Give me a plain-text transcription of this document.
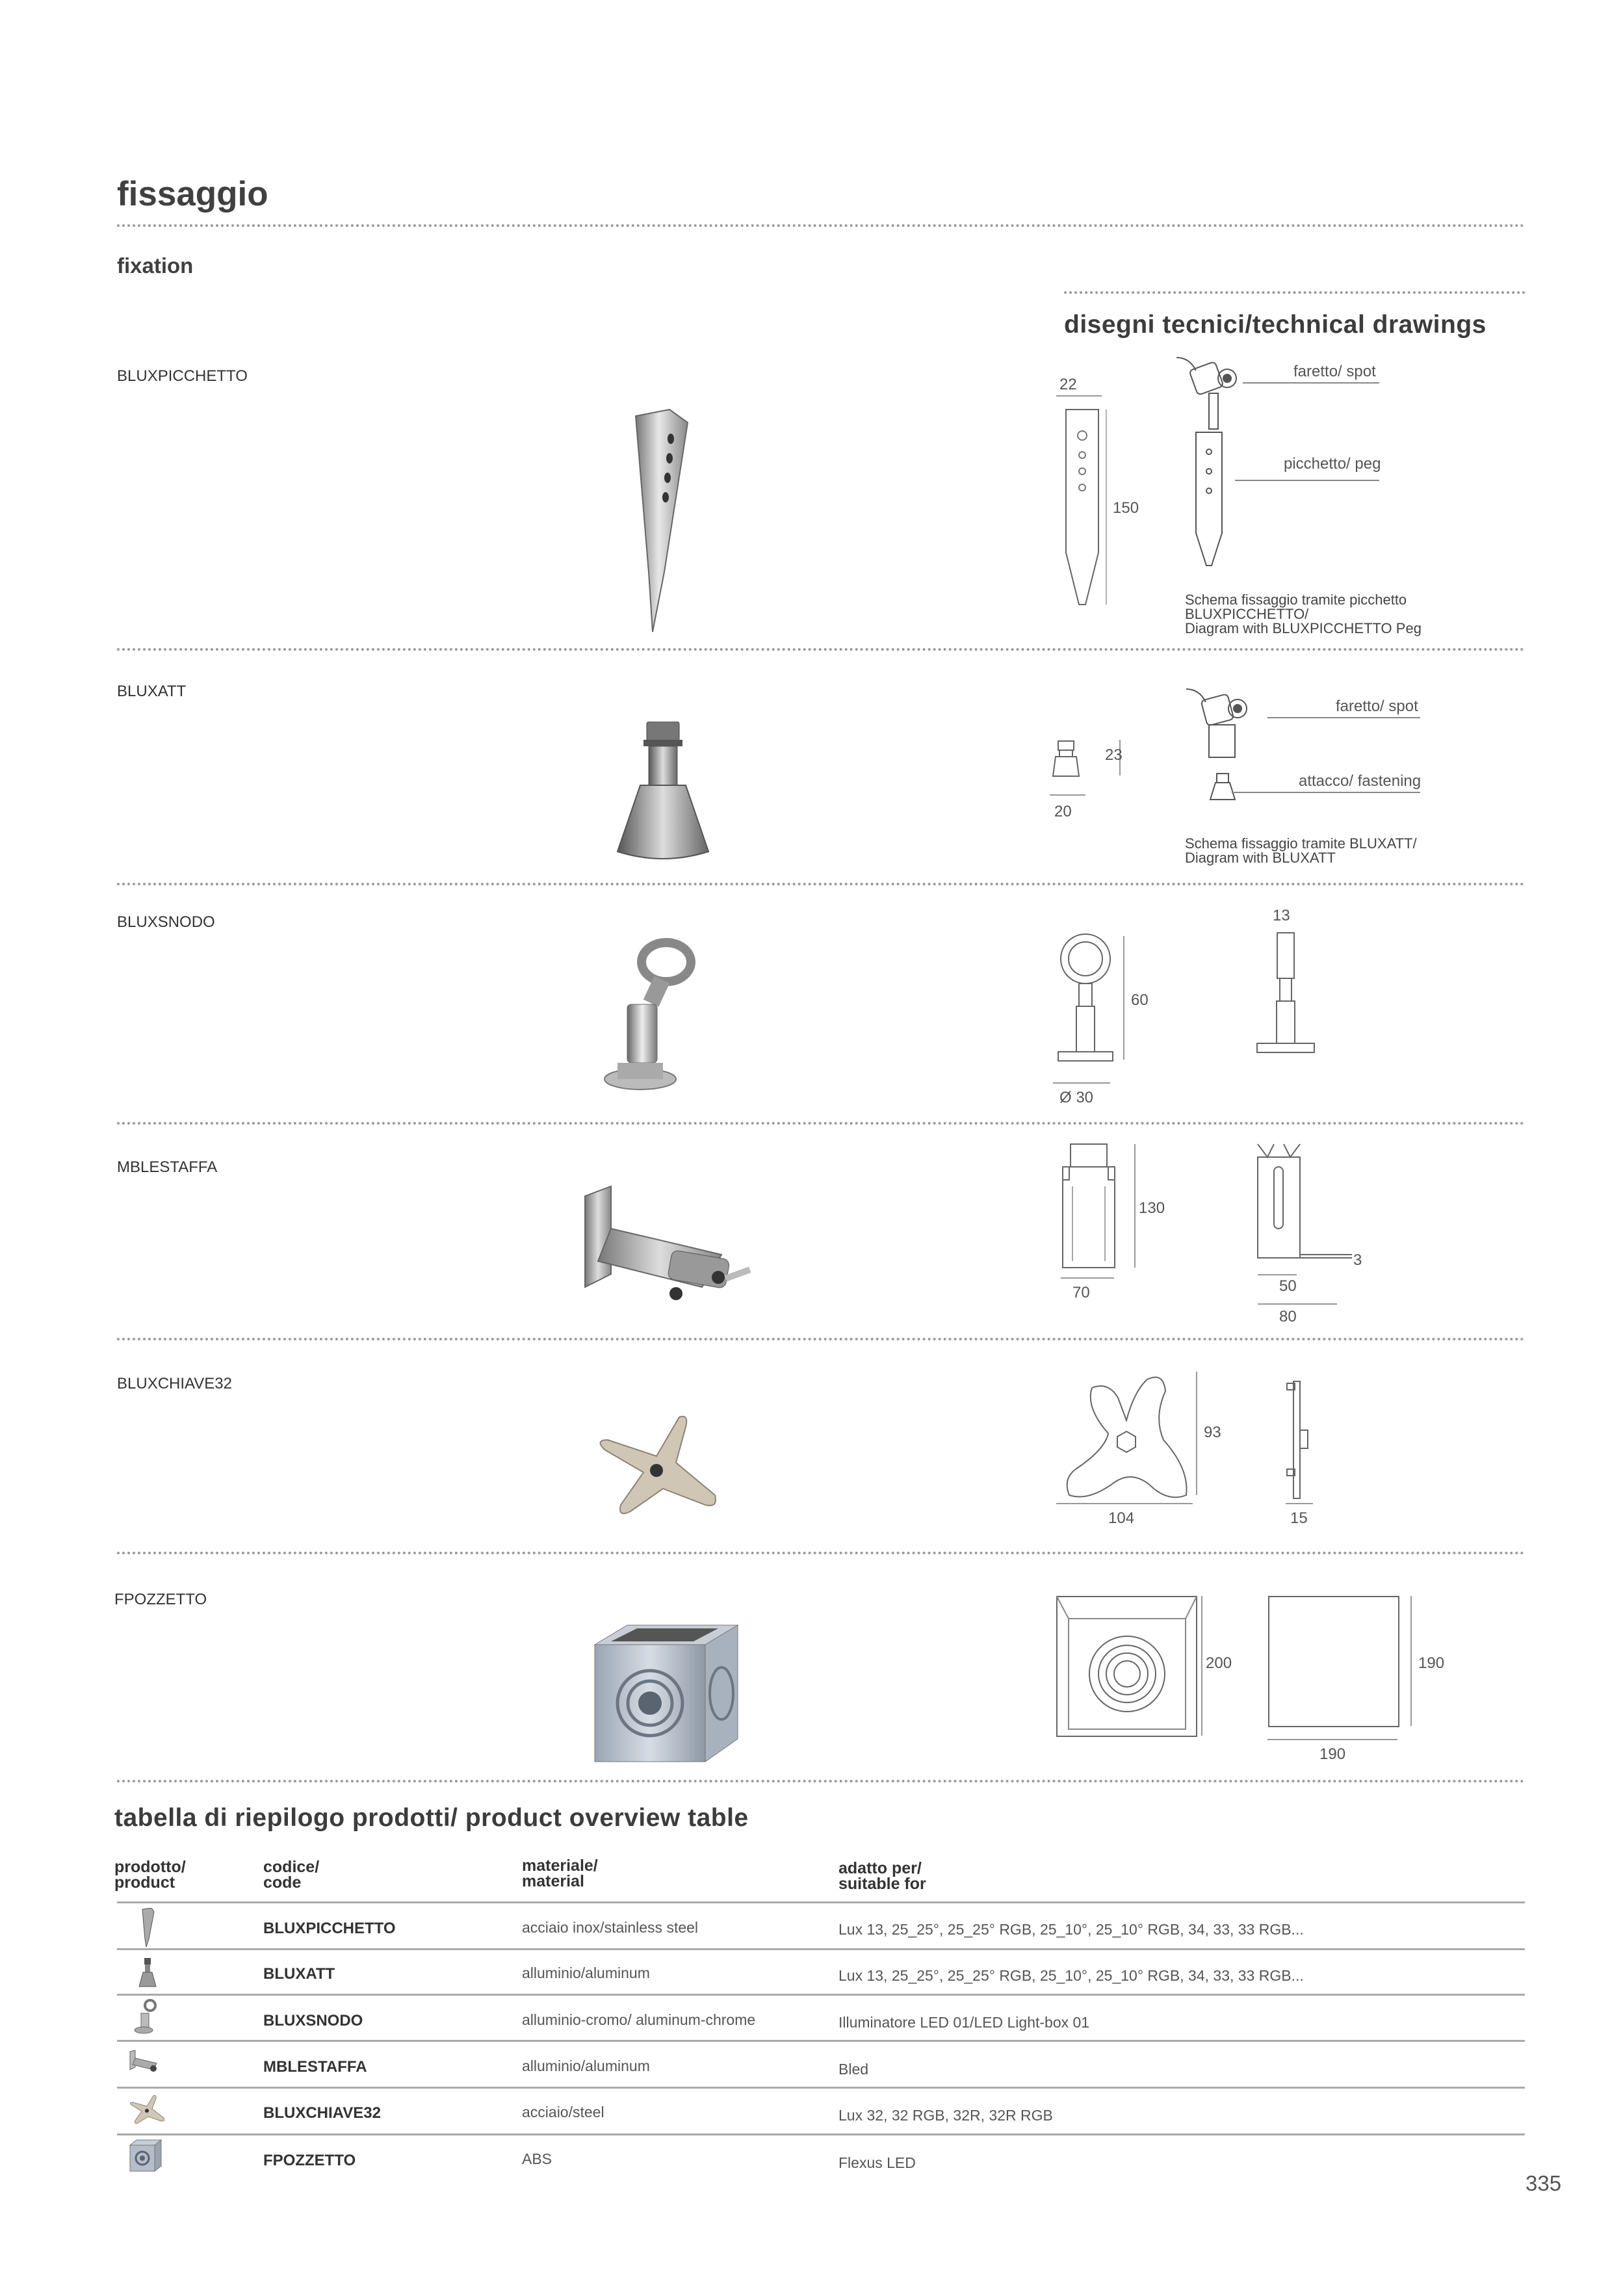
fissaggio
fixation
disegni tecnici/technical drawings
BLUXPICCHETTO	22
150
faretto/ spot
picchetto/ peg
Schema fissaggio tramite picchetto
BLUXPICCHETTO/
Diagram with BLUXPICCHETTO Peg
BLUXATT
23
20
faretto/ spot
attacco/ fastening
Schema fissaggio tramite BLUXATT/
Diagram with BLUXATT
BLUXSNODO
60
Ø 30
13
MBLESTAFFA
130
70
3
50
80
BLUXCHIAVE32
93
104	15
FPOZZETTO
200	190
190
tabella di riepilogo prodotti/ product overview table
prodotto/
product
codice/
code
materiale/
material
adatto per/
suitable for
BLUXPICCHETTO	acciaio inox/stainless steel	Lux 13, 25_25°, 25_25° RGB, 25_10°, 25_10° RGB, 34, 33, 33 RGB...
BLUXATT	alluminio/aluminum	Lux 13, 25_25°, 25_25° RGB, 25_10°, 25_10° RGB, 34, 33, 33 RGB...
BLUXSNODO	alluminio-cromo/ aluminum-chrome	Illuminatore LED 01/LED Light-box 01
MBLESTAFFA	alluminio/aluminum	Bled
BLUXCHIAVE32	acciaio/steel	Lux 32, 32 RGB, 32R, 32R RGB
FPOZZETTO	ABS	Flexus LED
335
